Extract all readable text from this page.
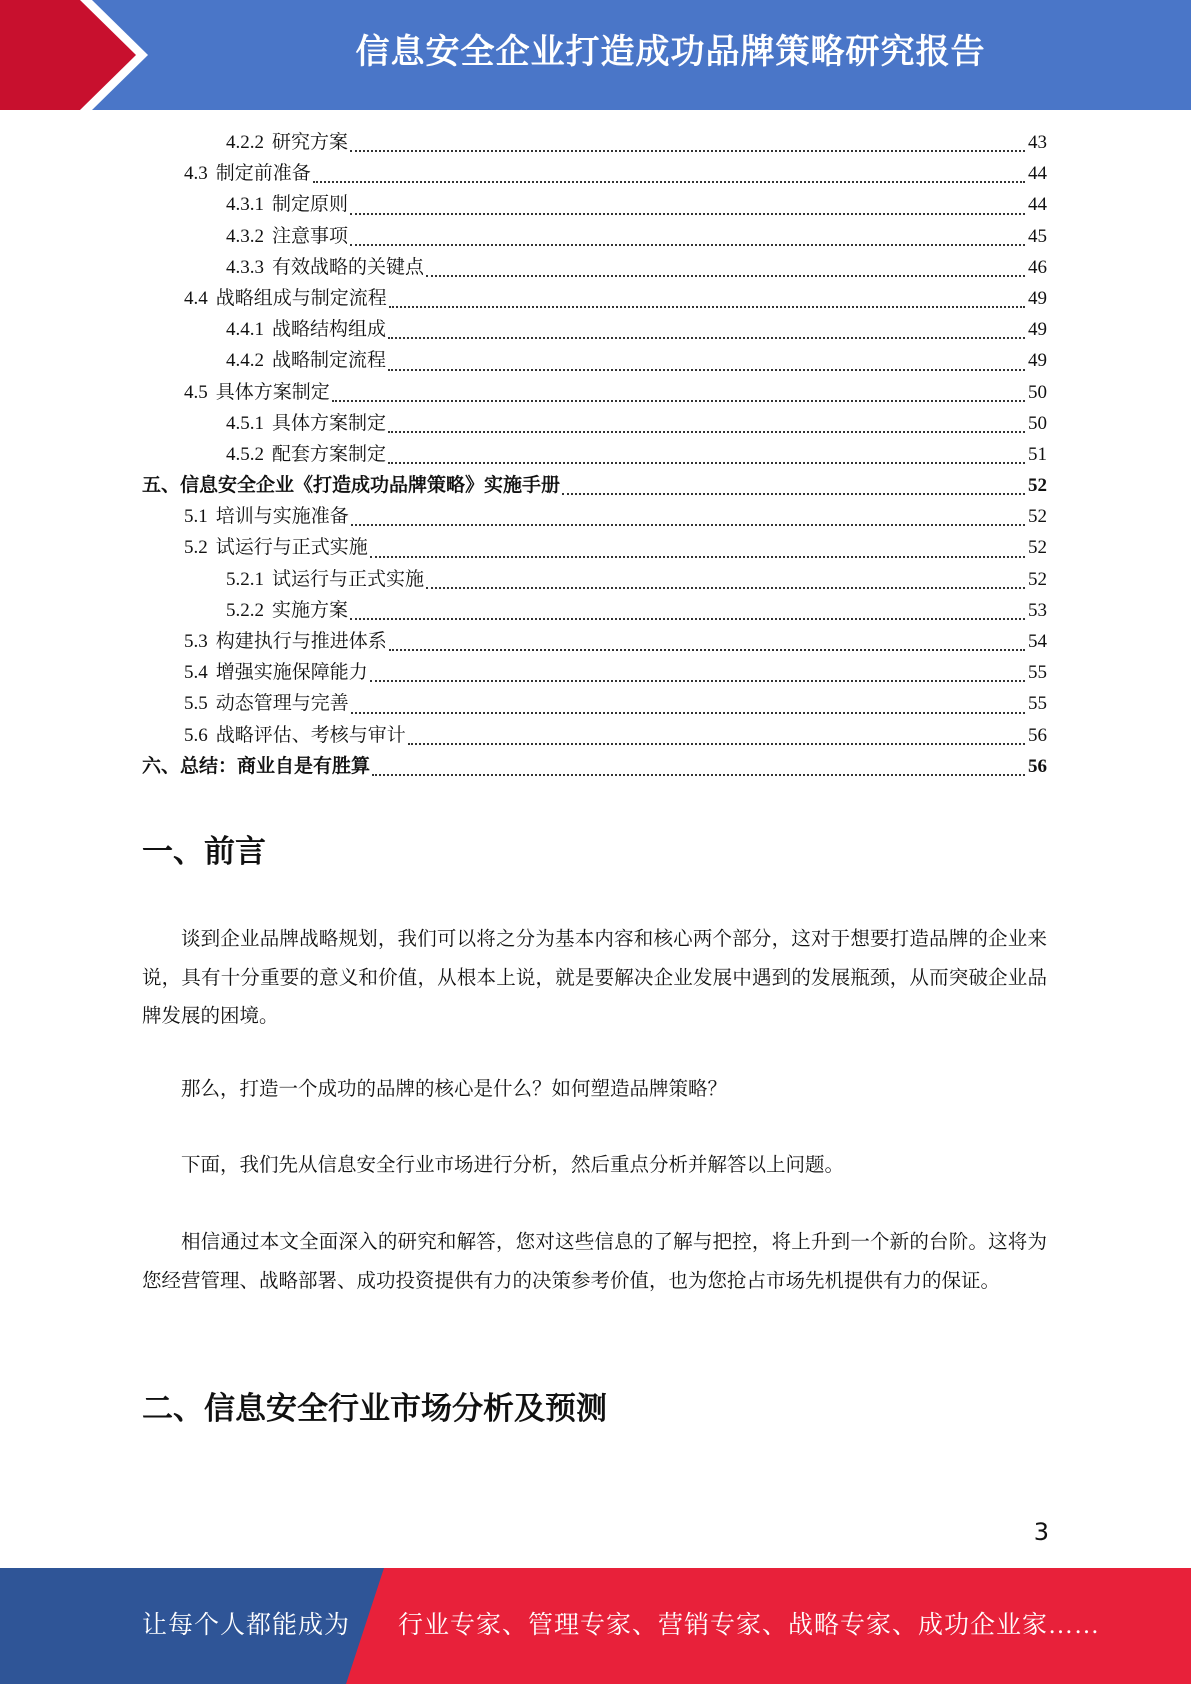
信息安全企业打造成功品牌策略研究报告
4.2.2 研究方案	43
4.3 制定前准备	44
4.3.1 制定原则	44
4.3.2 注意事项	45
4.3.3 有效战略的关键点	46
4.4 战略组成与制定流程	49
4.4.1 战略结构组成	49
4.4.2 战略制定流程	49
4.5 具体方案制定	50
4.5.1 具体方案制定	50
4.5.2 配套方案制定	51
五、信息安全企业《打造成功品牌策略》实施手册	52
5.1 培训与实施准备	52
5.2 试运行与正式实施	52
5.2.1 试运行与正式实施	52
5.2.2 实施方案	53
5.3 构建执行与推进体系	54
5.4 增强实施保障能力	55
5.5 动态管理与完善	55
5.6 战略评估、考核与审计	56
六、总结：商业自是有胜算	56
一、前言

谈到企业品牌战略规划，我们可以将之分为基本内容和核心两个部分，这对于想要打造品牌的企业来说，具有十分重要的意义和价值，从根本上说，就是要解决企业发展中遇到的发展瓶颈，从而突破企业品牌发展的困境。

那么，打造一个成功的品牌的核心是什么？如何塑造品牌策略？

下面，我们先从信息安全行业市场进行分析，然后重点分析并解答以上问题。

相信通过本文全面深入的研究和解答，您对这些信息的了解与把控，将上升到一个新的台阶。这将为您经营管理、战略部署、成功投资提供有力的决策参考价值，也为您抢占市场先机提供有力的保证。

二、信息安全行业市场分析及预测
3
让每个人都能成为 行业专家、管理专家、营销专家、战略专家、成功企业家……
